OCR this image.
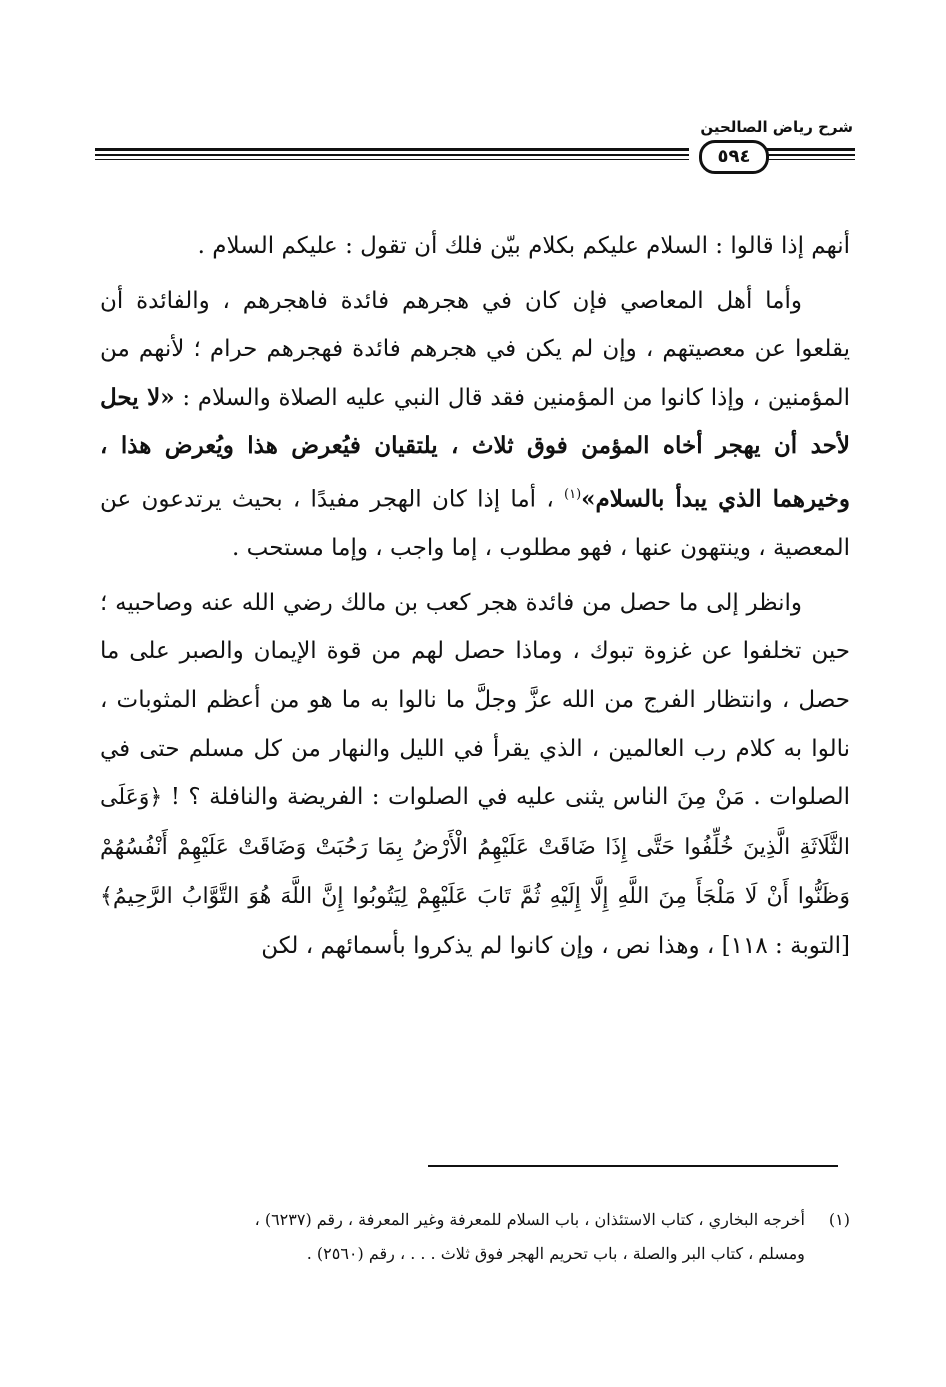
شرح رياض الصالحين
٥٩٤

أنهم إذا قالوا : السلام عليكم بكلام بيّن فلك أن تقول : عليكم السلام .

وأما أهل المعاصي فإن كان في هجرهم فائدة فاهجرهم ، والفائدة أن يقلعوا عن معصيتهم ، وإن لم يكن في هجرهم فائدة فهجرهم حرام ؛ لأنهم من المؤمنين ، وإذا كانوا من المؤمنين فقد قال النبي عليه الصلاة والسلام : «لا يحل لأحد أن يهجر أخاه المؤمن فوق ثلاث ، يلتقيان فيُعرض هذا ويُعرض هذا ، وخيرهما الذي يبدأ بالسلام»$^{(١)}$ ، أما إذا كان الهجر مفيدًا ، بحيث يرتدعون عن المعصية ، وينتهون عنها ، فهو مطلوب ، إما واجب ، وإما مستحب .

وانظر إلى ما حصل من فائدة هجر كعب بن مالك رضي الله عنه وصاحبيه ؛ حين تخلفوا عن غزوة تبوك ، وماذا حصل لهم من قوة الإيمان والصبر على ما حصل ، وانتظار الفرج من الله عزَّ وجلَّ ما نالوا به ما هو من أعظم المثوبات ، نالوا به كلام رب العالمين ، الذي يقرأ في الليل والنهار من كل مسلم حتى في الصلوات . مَنْ مِنَ الناس يثنى عليه في الصلوات : الفريضة والنافلة ؟ ! ﴿وَعَلَى الثَّلَاثَةِ الَّذِينَ خُلِّفُوا حَتَّى إِذَا ضَاقَتْ عَلَيْهِمُ الْأَرْضُ بِمَا رَحُبَتْ وَضَاقَتْ عَلَيْهِمْ أَنْفُسُهُمْ وَظَنُّوا أَنْ لَا مَلْجَأَ مِنَ اللَّهِ إِلَّا إِلَيْهِ ثُمَّ تَابَ عَلَيْهِمْ لِيَتُوبُوا إِنَّ اللَّهَ هُوَ التَّوَّابُ الرَّحِيمُ﴾ [التوبة : ١١٨] ، وهذا نص ، وإن كانوا لم يذكروا بأسمائهم ، لكن

(١) أخرجه البخاري ، كتاب الاستئذان ، باب السلام للمعرفة وغير المعرفة ، رقم (٦٢٣٧) ،
ومسلم ، كتاب البر والصلة ، باب تحريم الهجر فوق ثلاث . . . ، رقم (٢٥٦٠) .
